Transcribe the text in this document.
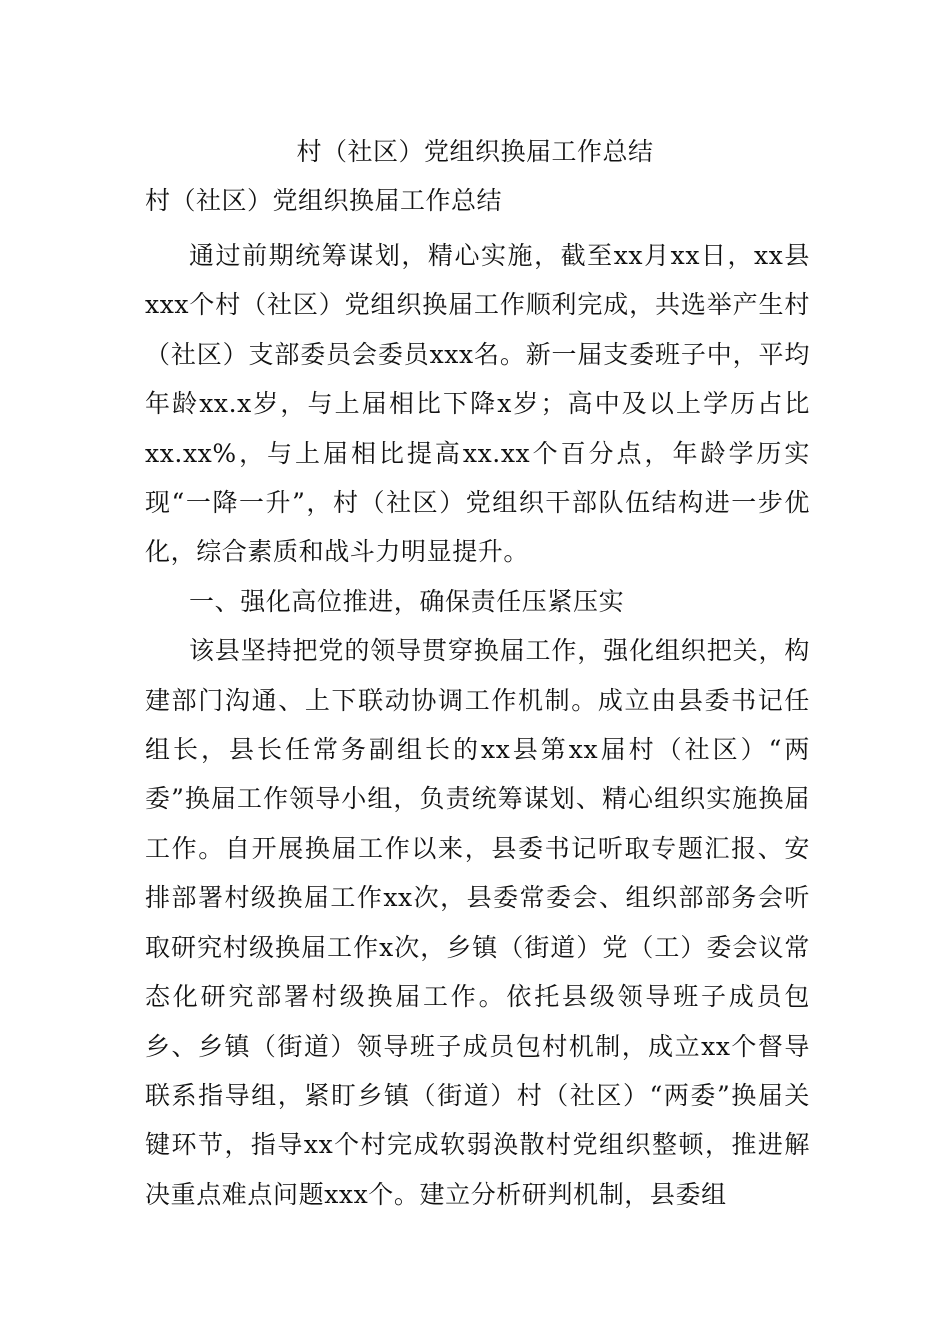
村（社区）党组织换届工作总结
村（社区）党组织换届工作总结

通过前期统筹谋划，精心实施，截至xx月xx日，xx县xxx个村（社区）党组织换届工作顺利完成，共选举产生村（社区）支部委员会委员xxx名。新一届支委班子中，平均年龄xx.x岁，与上届相比下降x岁；高中及以上学历占比xx.xx%，与上届相比提高xx.xx个百分点，年龄学历实现“一降一升”，村（社区）党组织干部队伍结构进一步优化，综合素质和战斗力明显提升。

一、强化高位推进，确保责任压紧压实

该县坚持把党的领导贯穿换届工作，强化组织把关，构建部门沟通、上下联动协调工作机制。成立由县委书记任组长，县长任常务副组长的xx县第xx届村（社区）“两委”换届工作领导小组，负责统筹谋划、精心组织实施换届工作。自开展换届工作以来，县委书记听取专题汇报、安排部署村级换届工作xx次，县委常委会、组织部部务会听取研究村级换届工作x次，乡镇（街道）党（工）委会议常态化研究部署村级换届工作。依托县级领导班子成员包乡、乡镇（街道）领导班子成员包村机制，成立xx个督导联系指导组，紧盯乡镇（街道）村（社区）“两委”换届关键环节，指导xx个村完成软弱涣散村党组织整顿，推进解决重点难点问题xxx个。建立分析研判机制，县委组
